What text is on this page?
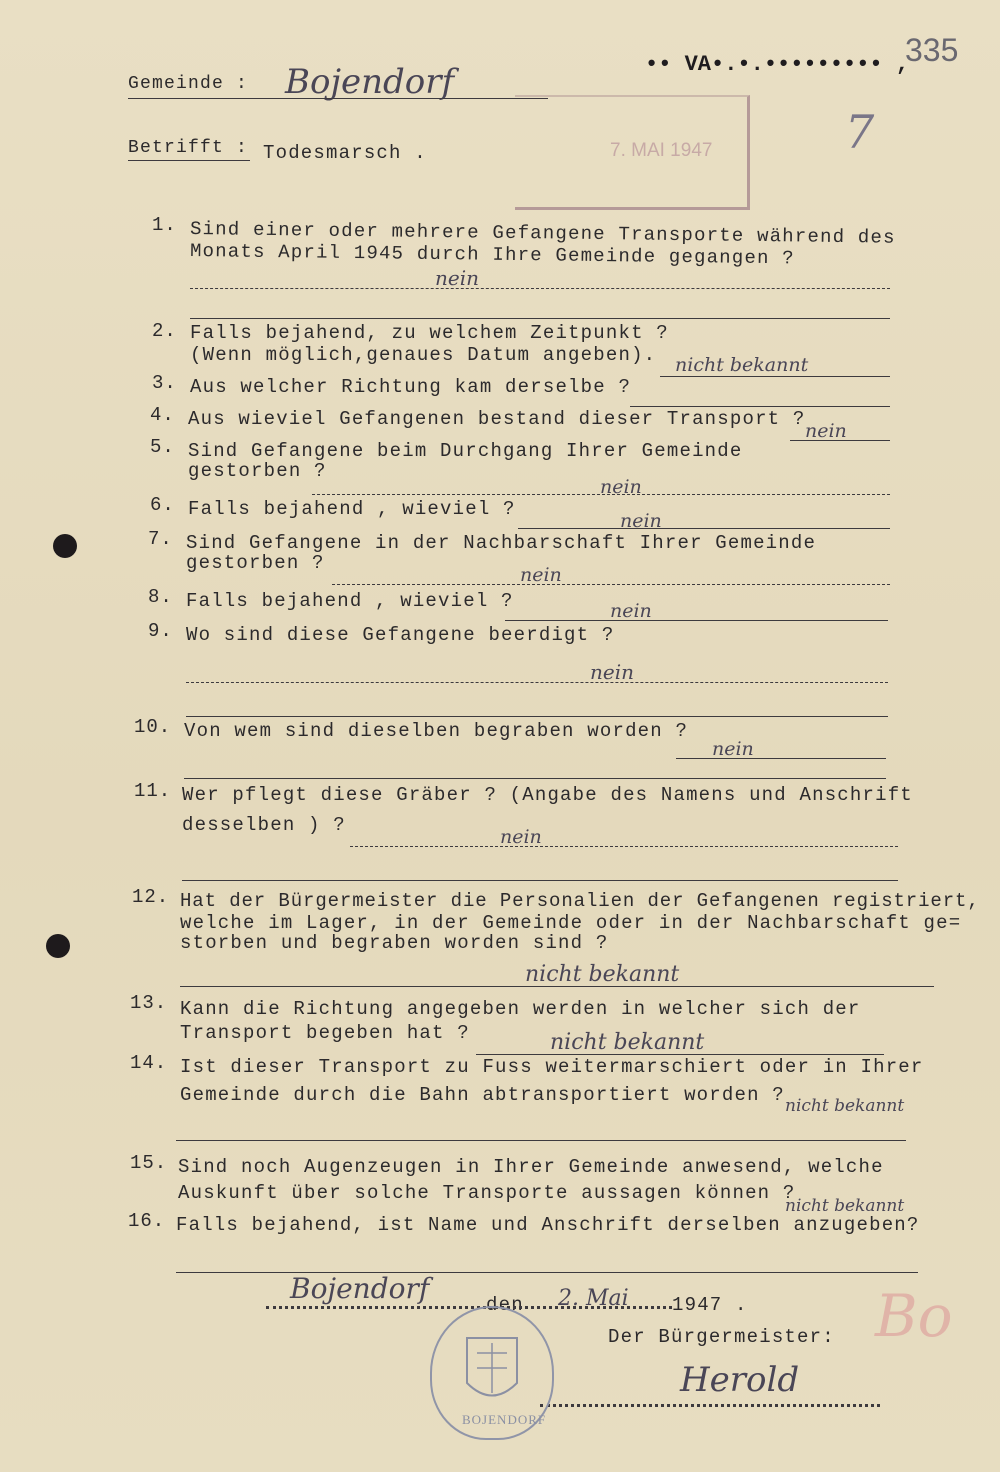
Gemeinde : Bojendorf
Betrifft : Todesmarsch .
•• VA•.•.••••••••• ,
335
7
7. MAI 1947
1. Sind einer oder mehrere Gefangene Transporte während des
Monats April 1945 durch Ihre Gemeinde gegangen ?
nein
2. Falls bejahend, zu welchem Zeitpunkt ?
(Wenn möglich,genaues Datum angeben). nicht bekannt
3. Aus welcher Richtung kam derselbe ?
4. Aus wieviel Gefangenen bestand dieser Transport ?
nein
5. Sind Gefangene beim Durchgang Ihrer Gemeinde
gestorben ?
nein
6. Falls bejahend , wieviel ?
nein
7. Sind Gefangene in der Nachbarschaft Ihrer Gemeinde
gestorben ?
nein
8. Falls bejahend , wieviel ?	nein
9. Wo sind diese Gefangene beerdigt ?
nein
10. Von wem sind dieselben begraben worden ?
nein
11. Wer pflegt diese Gräber ? (Angabe des Namens und Anschrift
desselben ) ?
nein
12. Hat der Bürgermeister die Personalien der Gefangenen registriert,
welche im Lager, in der Gemeinde oder in der Nachbarschaft ge=
storben und begraben worden sind ?
nicht bekannt
13. Kann die Richtung angegeben werden in welcher sich der
Transport begeben hat ?	nicht bekannt
14. Ist dieser Transport zu Fuss weitermarschiert oder in Ihrer
Gemeinde durch die Bahn abtransportiert worden ? nicht bekannt
15. Sind noch Augenzeugen in Ihrer Gemeinde anwesend, welche
Auskunft über solche Transporte aussagen können ?
nicht bekannt
16. Falls bejahend, ist Name und Anschrift derselben anzugeben?
Bojendorf	den 2. Mai 1947 .
Der Bürgermeister:
Herold
BOJENDORF
Bo
